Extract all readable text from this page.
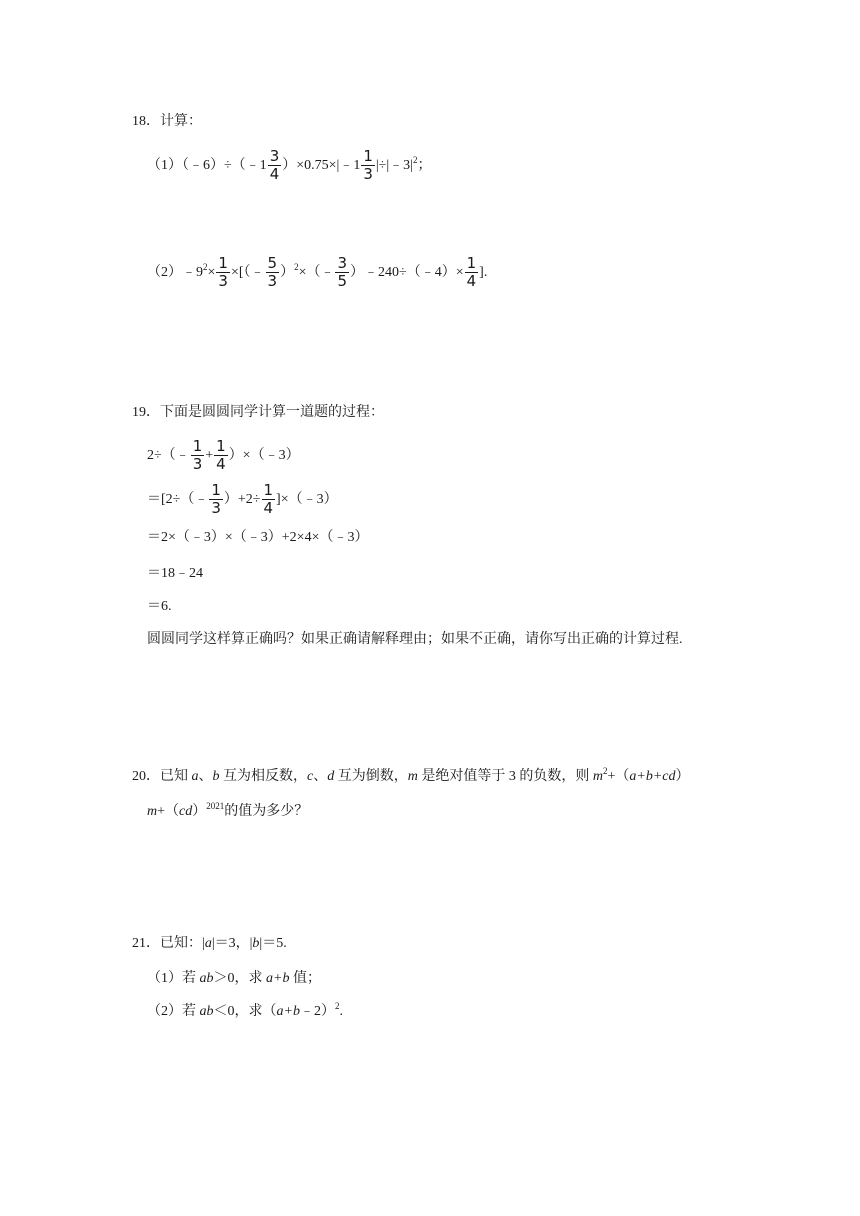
18．计算：
（1）（﹣6）÷（﹣1 $\frac{3}{4}$ ）×0.75×|﹣1 $\frac{1}{3}$ $|\div|﹣3|^2$；
$(2)﹣9^2\times \frac{1}{3}$ ×[（﹣ $\frac{5}{3}$ ）$^2$×（﹣ $\frac{3}{5}$ ）﹣240÷（﹣4）× $\frac{1}{4}$ ].
19．下面是圆圆同学计算一道题的过程：
2÷（﹣ $\frac{1}{3} + \frac{1}{4}$ ）×（﹣3）
＝[2÷（﹣ $\frac{1}{3} )+2\div \frac{1}{4}$ ]×（﹣3）
＝2×（﹣3）×（﹣3）+2×4×（﹣3）
＝18﹣24
＝6.
圆圆同学这样算正确吗？如果正确请解释理由；如果不正确，请你写出正确的计算过程.
20．已知 a、b 互为相反数，c、d 互为倒数，m 是绝对值等于 3 的负数，则 $m^2+(a+b+cd)$
m+（cd）$^{2021}$的值为多少？
21．已知：|a|＝3，|b|＝5.
（1）若 ab＞0，求 a+b 值；
（2）若 ab＜0，求（a+b﹣2）$^2$.
